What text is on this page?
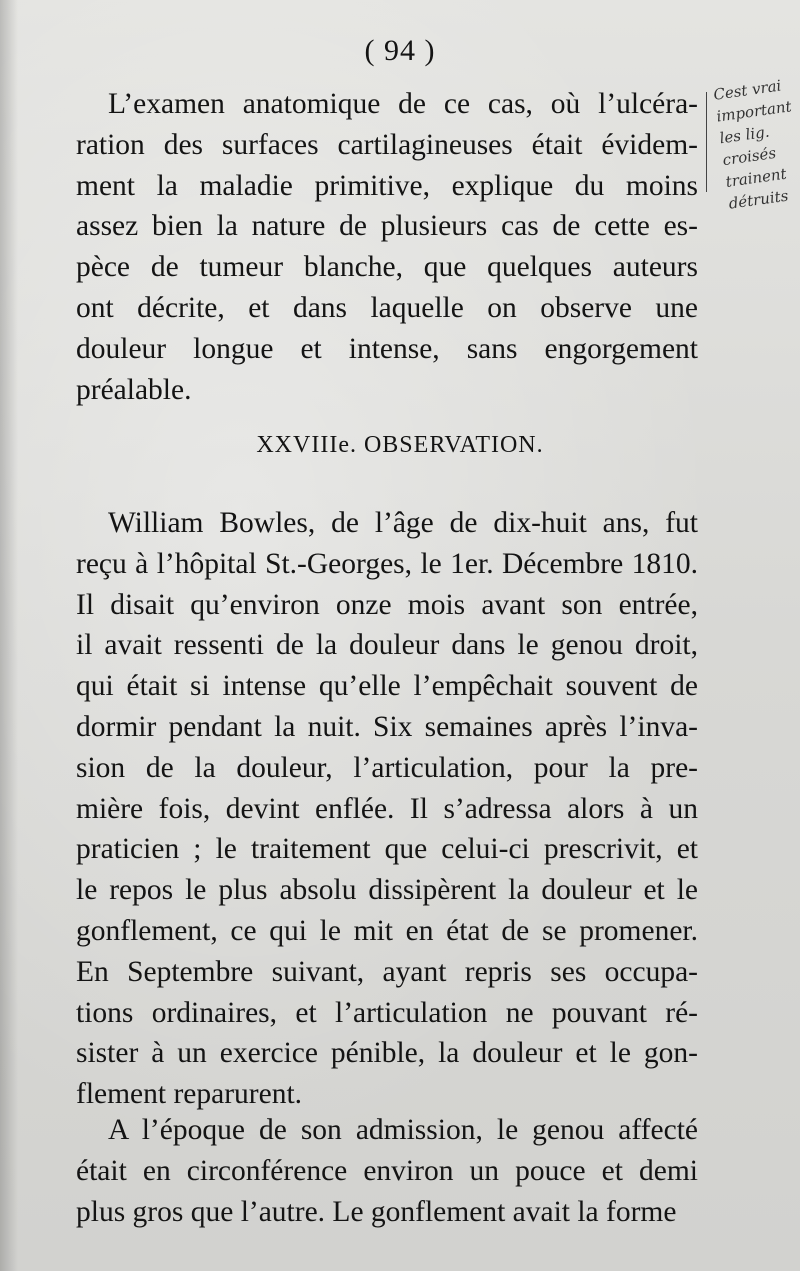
( 94 )
L’examen anatomique de ce cas, où l’ulcéra-
ration des surfaces cartilagineuses était évidem-
ment la maladie primitive, explique du moins
assez bien la nature de plusieurs cas de cette es-
pèce de tumeur blanche, que quelques auteurs
ont décrite, et dans laquelle on observe une
douleur longue et intense, sans engorgement
préalable.
XXVIIIe. OBSERVATION.
William Bowles, de l’âge de dix-huit ans, fut
reçu à l’hôpital St.-Georges, le 1er. Décembre 1810.
Il disait qu’environ onze mois avant son entrée,
il avait ressenti de la douleur dans le genou droit,
qui était si intense qu’elle l’empêchait souvent de
dormir pendant la nuit. Six semaines après l’inva-
sion de la douleur, l’articulation, pour la pre-
mière fois, devint enflée. Il s’adressa alors à un
praticien ; le traitement que celui-ci prescrivit, et
le repos le plus absolu dissipèrent la douleur et le
gonflement, ce qui le mit en état de se promener.
En Septembre suivant, ayant repris ses occupa-
tions ordinaires, et l’articulation ne pouvant ré-
sister à un exercice pénible, la douleur et le gon-
flement reparurent.
A l’époque de son admission, le genou affecté
était en circonférence environ un pouce et demi
plus gros que l’autre. Le gonflement avait la forme
Cest vrai
important
les lig.
croisés
trainent
détruits
